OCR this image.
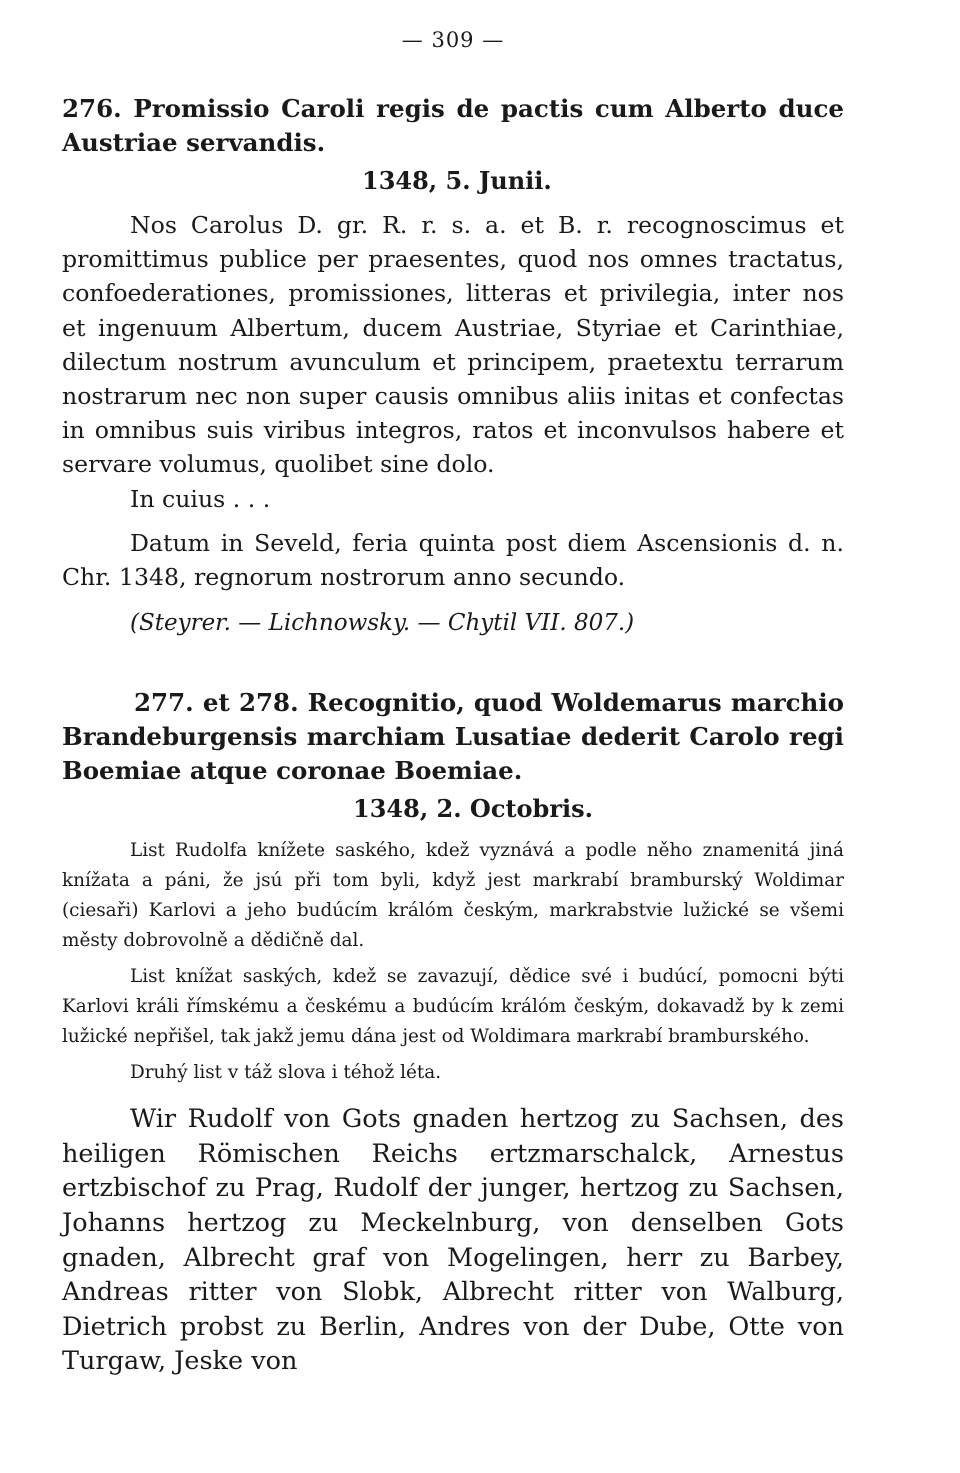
— 309 —

276. Promissio Caroli regis de pactis cum Alberto duce Austriae servandis.

1348, 5. Junii.

Nos Carolus D. gr. R. r. s. a. et B. r. recognoscimus et promittimus publice per praesentes, quod nos omnes tractatus, confoederationes, promissiones, litteras et privilegia, inter nos et ingenuum Albertum, ducem Austriae, Styriae et Carinthiae, dilectum nostrum avunculum et principem, praetextu terrarum nostrarum nec non super causis omnibus aliis initas et confectas in omnibus suis viribus integros, ratos et inconvulsos habere et servare volumus, quolibet sine dolo.

In cuius . . .

Datum in Seveld, feria quinta post diem Ascensionis d. n. Chr. 1348, regnorum nostrorum anno secundo.

(Steyrer. — Lichnowsky. — Chytil VII. 807.)

277. et 278. Recognitio, quod Woldemarus marchio Brandeburgensis marchiam Lusatiae dederit Carolo regi Boemiae atque coronae Boemiae.

1348, 2. Octobris.

List Rudolfa knížete saského, kdež vyznává a podle něho znamenitá jiná knížata a páni, že jsú při tom byli, když jest markrabí bramburský Woldimar (ciesaři) Karlovi a jeho budúcím králóm českým, markrabstvie lužické se všemi městy dobrovolně a dědičně dal.

List knížat saských, kdež se zavazují, dědice své i budúcí, pomocni býti Karlovi králi římskému a českému a budúcím králóm českým, dokavadž by k zemi lužické nepřišel, tak jakž jemu dána jest od Woldimara markrabí bramburského.

Druhý list v táž slova i téhož léta.

Wir Rudolf von Gots gnaden hertzog zu Sachsen, des heiligen Römischen Reichs ertzmarschalck, Arnestus ertzbischof zu Prag, Rudolf der junger, hertzog zu Sachsen, Johanns hertzog zu Meckelnburg, von denselben Gots gnaden, Albrecht graf von Mogelingen, herr zu Barbey, Andreas ritter von Slobk, Albrecht ritter von Walburg, Dietrich probst zu Berlin, Andres von der Dube, Otte von Turgaw, Jeske von
